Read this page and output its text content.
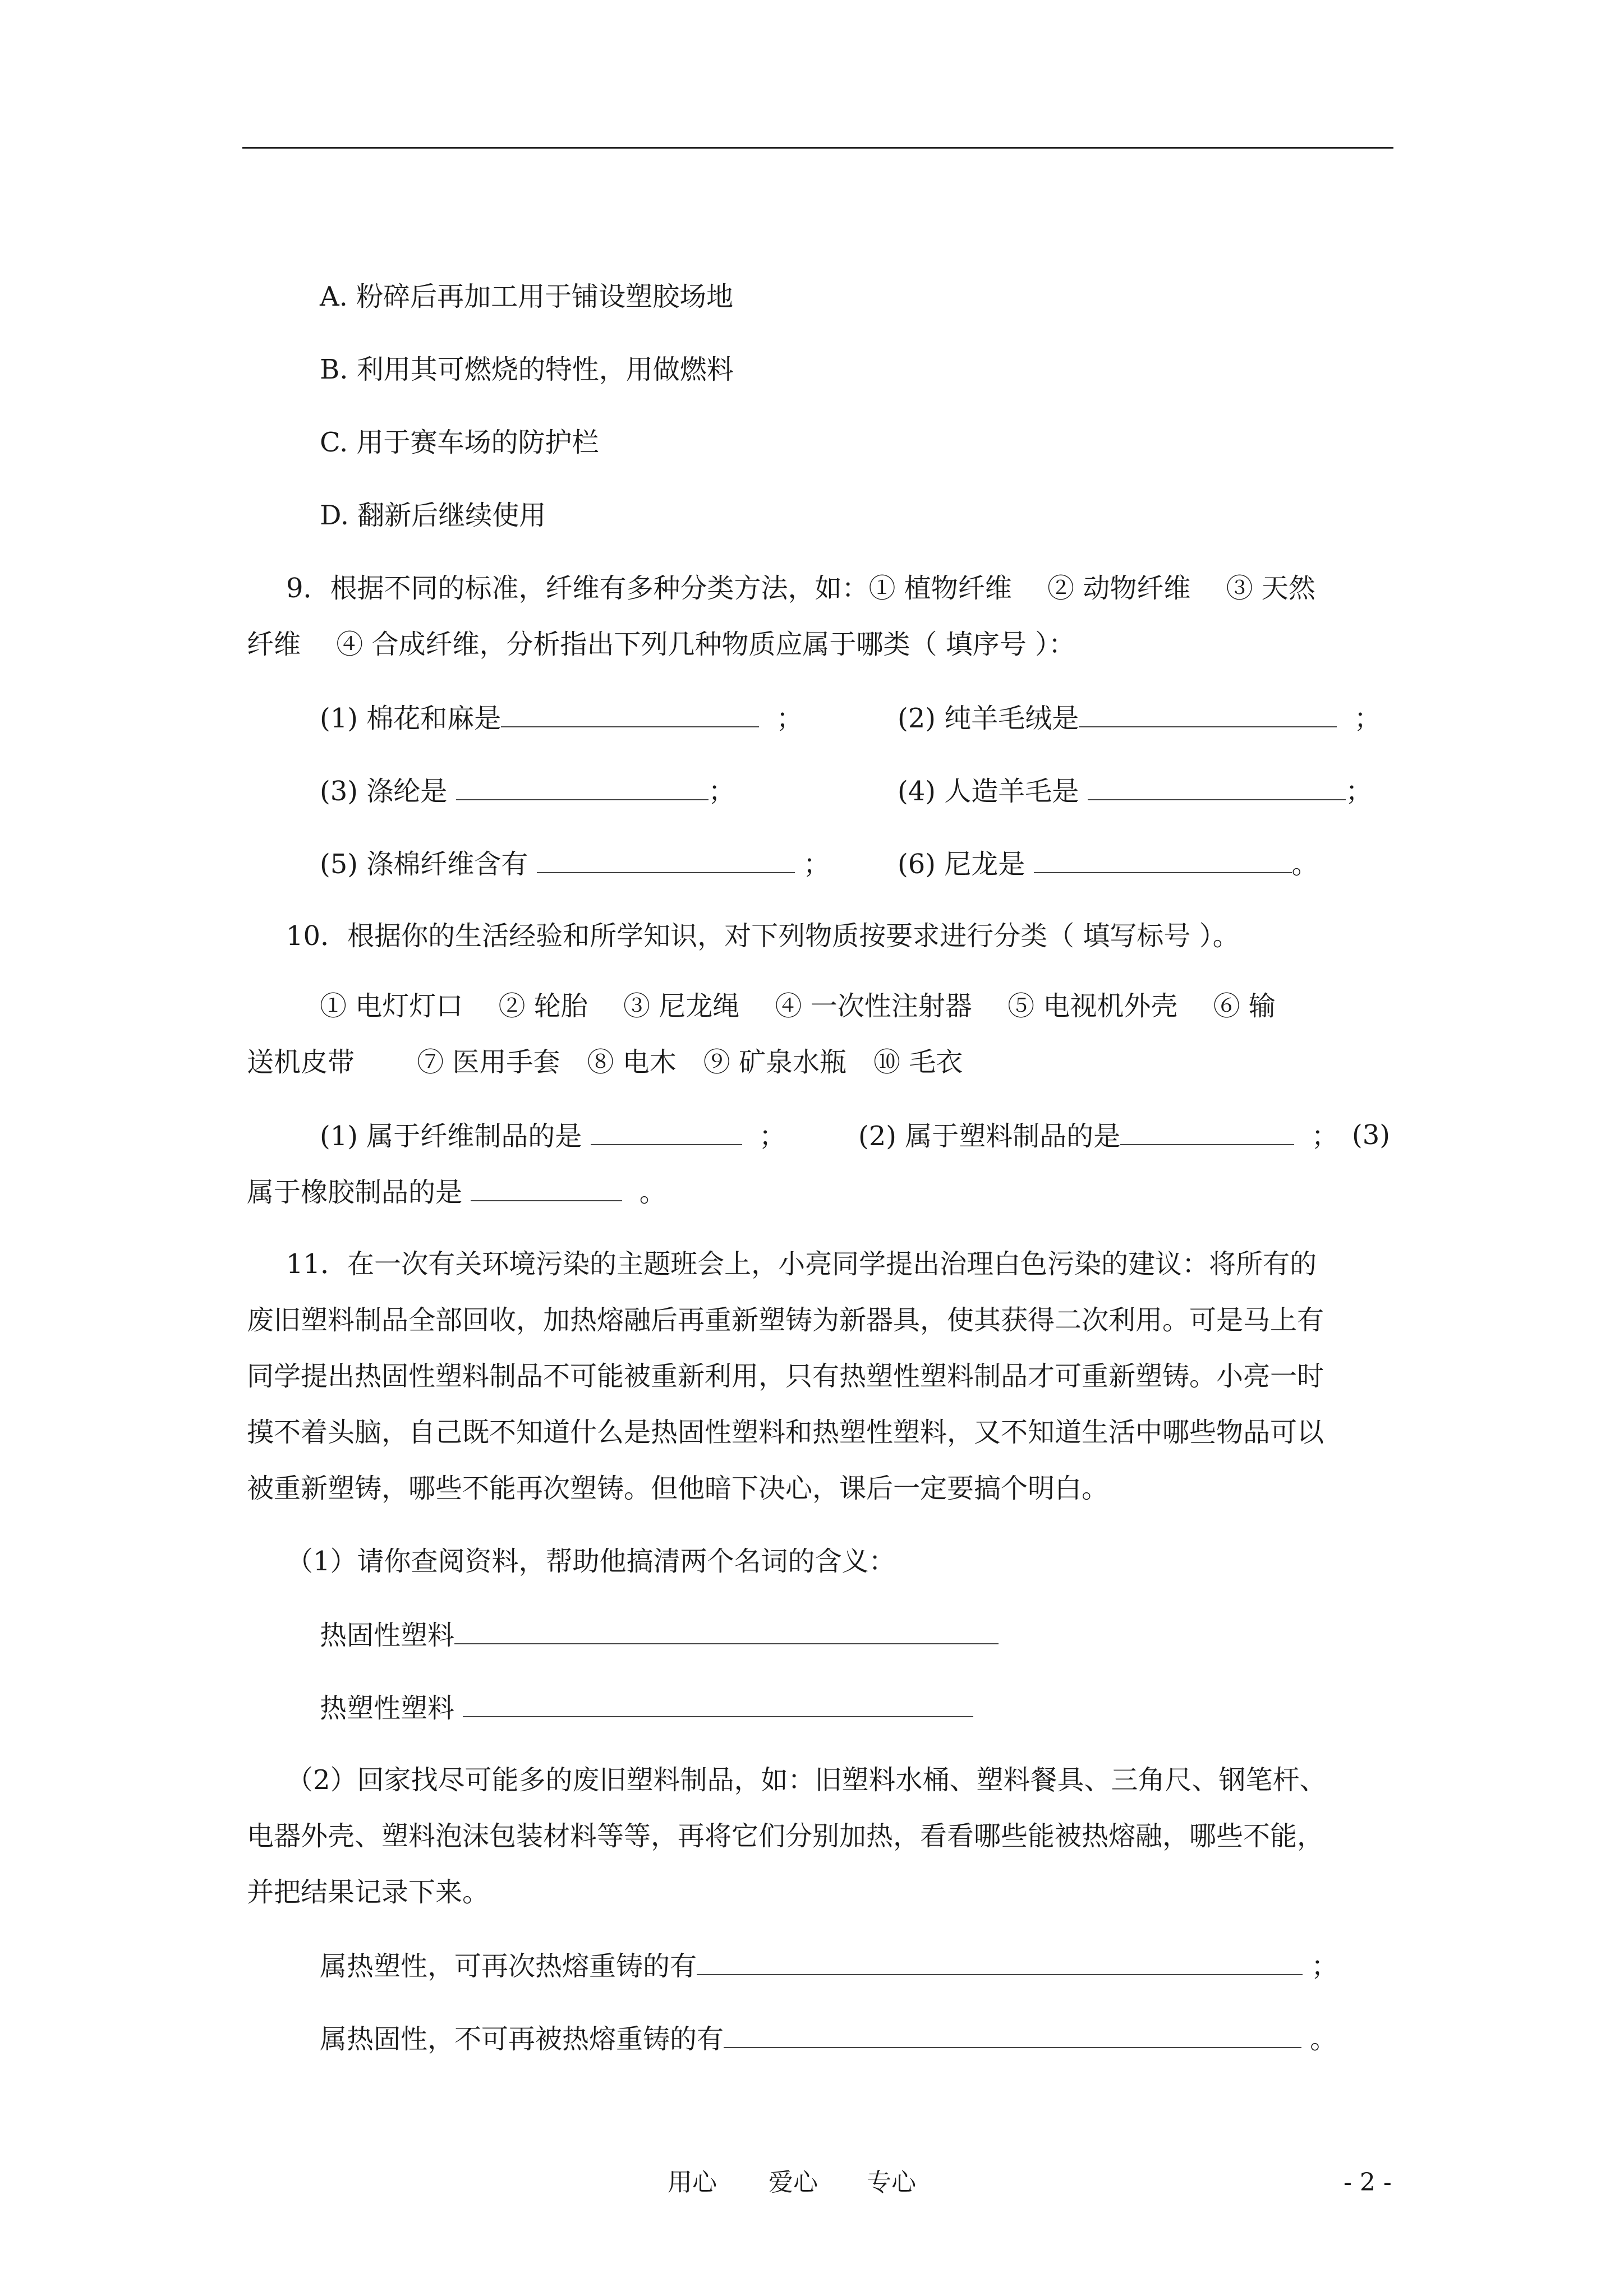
A. 粉碎后再加工用于铺设塑胶场地
B. 利用其可燃烧的特性，用做燃料
C. 用于赛车场的防护栏
D. 翻新后继续使用
9．根据不同的标准，纤维有多种分类方法，如：① 植物纤维　 ② 动物纤维　 ③ 天然
纤维　 ④ 合成纤维，分析指出下列几种物质应属于哪类（ 填序号 ）：
(1) 棉花和麻是	；	(2) 纯羊毛绒是	；
(3) 涤纶是	；	(4) 人造羊毛是	；
(5) 涤棉纤维含有	；	(6) 尼龙是	。
10．根据你的生活经验和所学知识，对下列物质按要求进行分类（ 填写标号 ）。
① 电灯灯口　 ② 轮胎　 ③ 尼龙绳　 ④ 一次性注射器　 ⑤ 电视机外壳　 ⑥ 输
送机皮带　　 ⑦ 医用手套　⑧ 电木　⑨ 矿泉水瓶　⑩ 毛衣
(1) 属于纤维制品的是	；	(2) 属于塑料制品的是	； (3)
属于橡胶制品的是	。
11．在一次有关环境污染的主题班会上，小亮同学提出治理白色污染的建议：将所有的
废旧塑料制品全部回收，加热熔融后再重新塑铸为新器具，使其获得二次利用。可是马上有
同学提出热固性塑料制品不可能被重新利用，只有热塑性塑料制品才可重新塑铸。小亮一时
摸不着头脑，自己既不知道什么是热固性塑料和热塑性塑料，又不知道生活中哪些物品可以
被重新塑铸，哪些不能再次塑铸。但他暗下决心，课后一定要搞个明白。
（1）请你查阅资料，帮助他搞清两个名词的含义：
热固性塑料
热塑性塑料
（2）回家找尽可能多的废旧塑料制品，如：旧塑料水桶、塑料餐具、三角尺、钢笔杆、
电器外壳、塑料泡沫包装材料等等，再将它们分别加热，看看哪些能被热熔融，哪些不能，
并把结果记录下来。
属热塑性，可再次热熔重铸的有	；
属热固性，不可再被热熔重铸的有	。
用心 爱心 专心	- 2 -
